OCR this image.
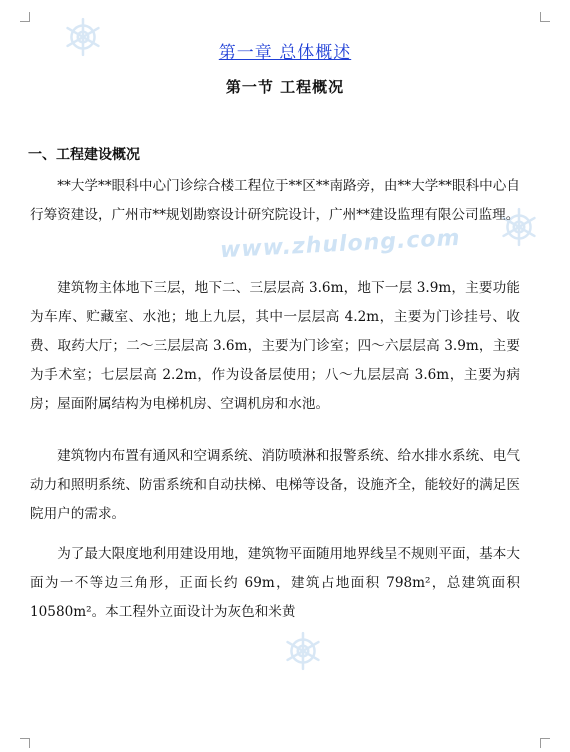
www.zhulong.com
第一章 总体概述
第一节 工程概况
一、工程建设概况

**大学**眼科中心门诊综合楼工程位于**区**南路旁，由**大学**眼科中心自行筹资建设，广州市**规划勘察设计研究院设计，广州**建设监理有限公司监理。

建筑物主体地下三层，地下二、三层层高 3.6m，地下一层 3.9m，主要功能为车库、贮藏室、水池；地上九层，其中一层层高 4.2m，主要为门诊挂号、收费、取药大厅；二～三层层高 3.6m，主要为门诊室；四～六层层高 3.9m，主要为手术室；七层层高 2.2m，作为设备层使用；八～九层层高 3.6m，主要为病房；屋面附属结构为电梯机房、空调机房和水池。

建筑物内布置有通风和空调系统、消防喷淋和报警系统、给水排水系统、电气动力和照明系统、防雷系统和自动扶梯、电梯等设备，设施齐全，能较好的满足医院用户的需求。

为了最大限度地利用建设用地，建筑物平面随用地界线呈不规则平面，基本大面为一不等边三角形，正面长约 69m，建筑占地面积 798m²，总建筑面积 10580m²。本工程外立面设计为灰色和米黄
